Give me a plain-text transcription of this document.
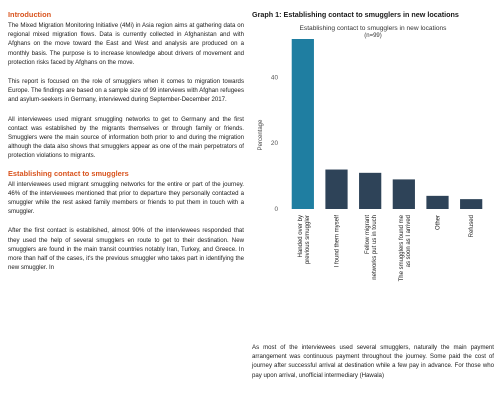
Introduction

The Mixed Migration Monitoring Initiative (4Mi) in Asia region aims at gathering data on regional mixed migration flows. Data is currently collected in Afghanistan and with Afghans on the move toward the East and West and analysis are produced on a monthly basis. The purpose is to increase knowledge about drivers of movement and protection risks faced by Afghans on the move.

This report is focused on the role of smugglers when it comes to migration towards Europe. The findings are based on a sample size of 99 interviews with Afghan refugees and asylum-seekers in Germany, interviewed during September-December 2017.

All interviewees used migrant smuggling networks to get to Germany and the first contact was established by the migrants themselves or through family or friends. Smugglers were the main source of information both prior to and during the migration although the data also shows that smugglers appear as one of the main perpetrators of protection violations to migrants.

Establishing contact to smugglers

All interviewees used migrant smuggling networks for the entire or part of the journey. 46% of the interviewees mentioned that prior to departure they personally contacted a smuggler while the rest asked family members or friends to put them in touch with a smuggler.

After the first contact is established, almost 90% of the interviewees responded that they used the help of several smugglers en route to get to their destination. New smugglers are found in the main transit countries notably Iran, Turkey, and Greece. In more than half of the cases, it's the previous smuggler who takes part in identifying the new smuggler. In

Graph 1: Establishing contact to smugglers in new locations

Establishing contact to smugglers in new locations

(n=99)

Percentage
0
20
40
Handed over byprevious smuggler	I found them myself	Fellow migrantnetworks put us in touch	The smugglers found meas soon as I arrived	Other	Refused

As most of the interviewees used several smugglers, naturally the main payment arrangement was continuous payment throughout the journey. Some paid the cost of journey after successful arrival at destination while a few pay in advance. For those who pay upon arrival, unofficial intermediary (Hawala)
